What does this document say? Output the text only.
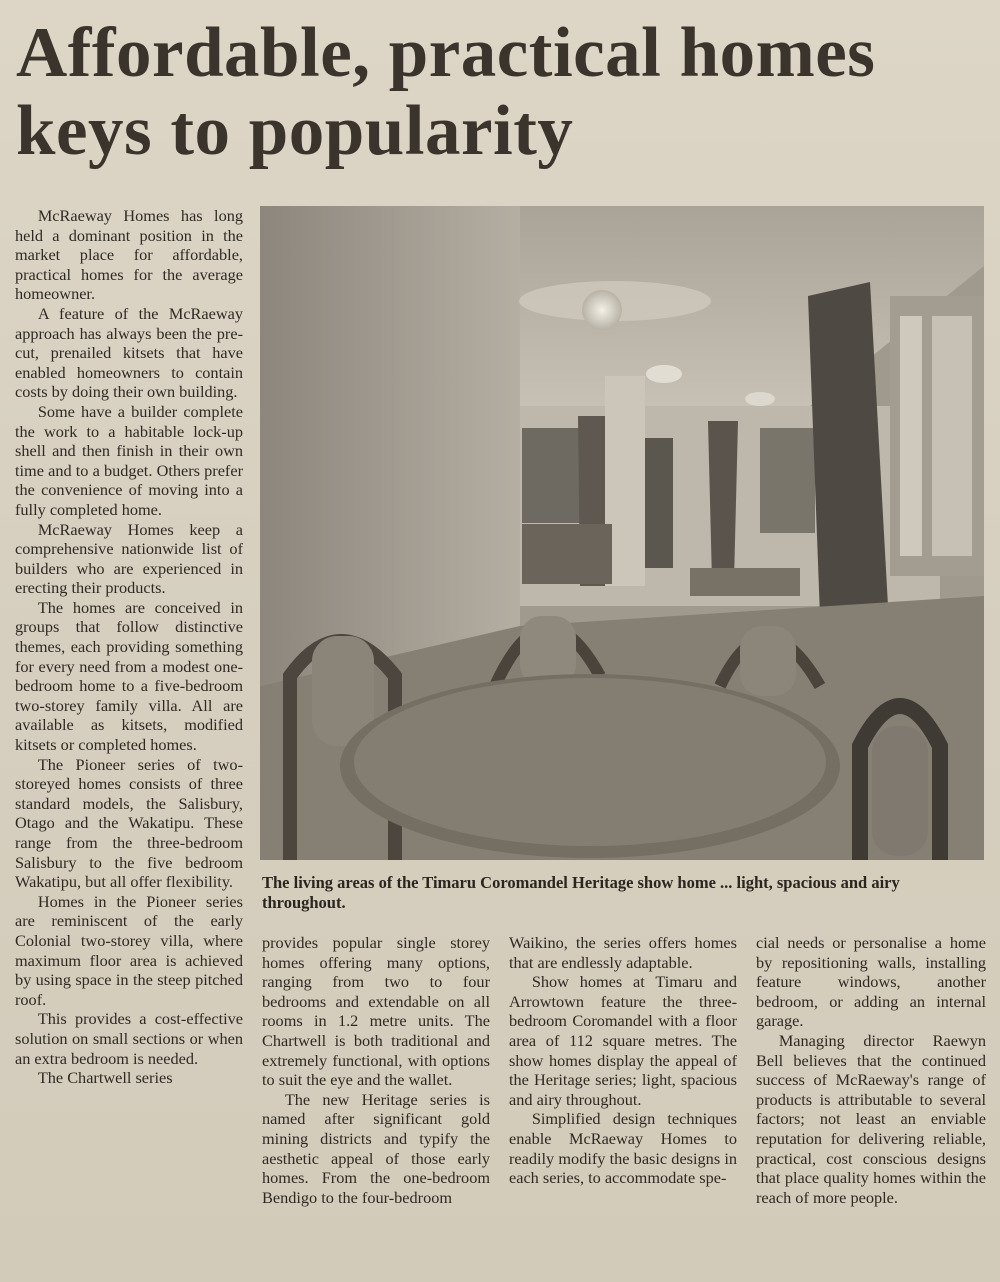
Affordable, practical homes keys to popularity

The living areas of the Timaru Coromandel Heritage show home ... light, spacious and airy throughout.

McRaeway Homes has long held a dominant position in the market place for affordable, practical homes for the average homeowner.

A feature of the McRaeway approach has always been the pre-cut, prenailed kitsets that have enabled homeowners to contain costs by doing their own building.

Some have a builder complete the work to a habitable lock-up shell and then finish in their own time and to a budget. Others prefer the convenience of moving into a fully completed home.

McRaeway Homes keep a comprehensive nationwide list of builders who are experienced in erecting their products.

The homes are conceived in groups that follow distinctive themes, each providing something for every need from a modest one-bedroom home to a five-bedroom two-storey family villa. All are available as kitsets, modified kitsets or completed homes.

The Pioneer series of two-storeyed homes consists of three standard models, the Salisbury, Otago and the Wakatipu. These range from the three-bedroom Salisbury to the five bedroom Wakatipu, but all offer flexibility.

Homes in the Pioneer series are reminiscent of the early Colonial two-storey villa, where maximum floor area is achieved by using space in the steep pitched roof.

This provides a cost-effective solution on small sections or when an extra bedroom is needed.

The Chartwell series

provides popular single storey homes offering many options, ranging from two to four bedrooms and extendable on all rooms in 1.2 metre units. The Chartwell is both traditional and extremely functional, with options to suit the eye and the wallet.

The new Heritage series is named after significant gold mining districts and typify the aesthetic appeal of those early homes. From the one-bedroom Bendigo to the four-bedroom

Waikino, the series offers homes that are endlessly adaptable.

Show homes at Timaru and Arrowtown feature the three-bedroom Coromandel with a floor area of 112 square metres. The show homes display the appeal of the Heritage series; light, spacious and airy throughout.

Simplified design techniques enable McRaeway Homes to readily modify the basic designs in each series, to accommodate spe-

cial needs or personalise a home by repositioning walls, installing feature windows, another bedroom, or adding an internal garage.

Managing director Raewyn Bell believes that the continued success of McRaeway's range of products is attributable to several factors; not least an enviable reputation for delivering reliable, practical, cost conscious designs that place quality homes within the reach of more people.
